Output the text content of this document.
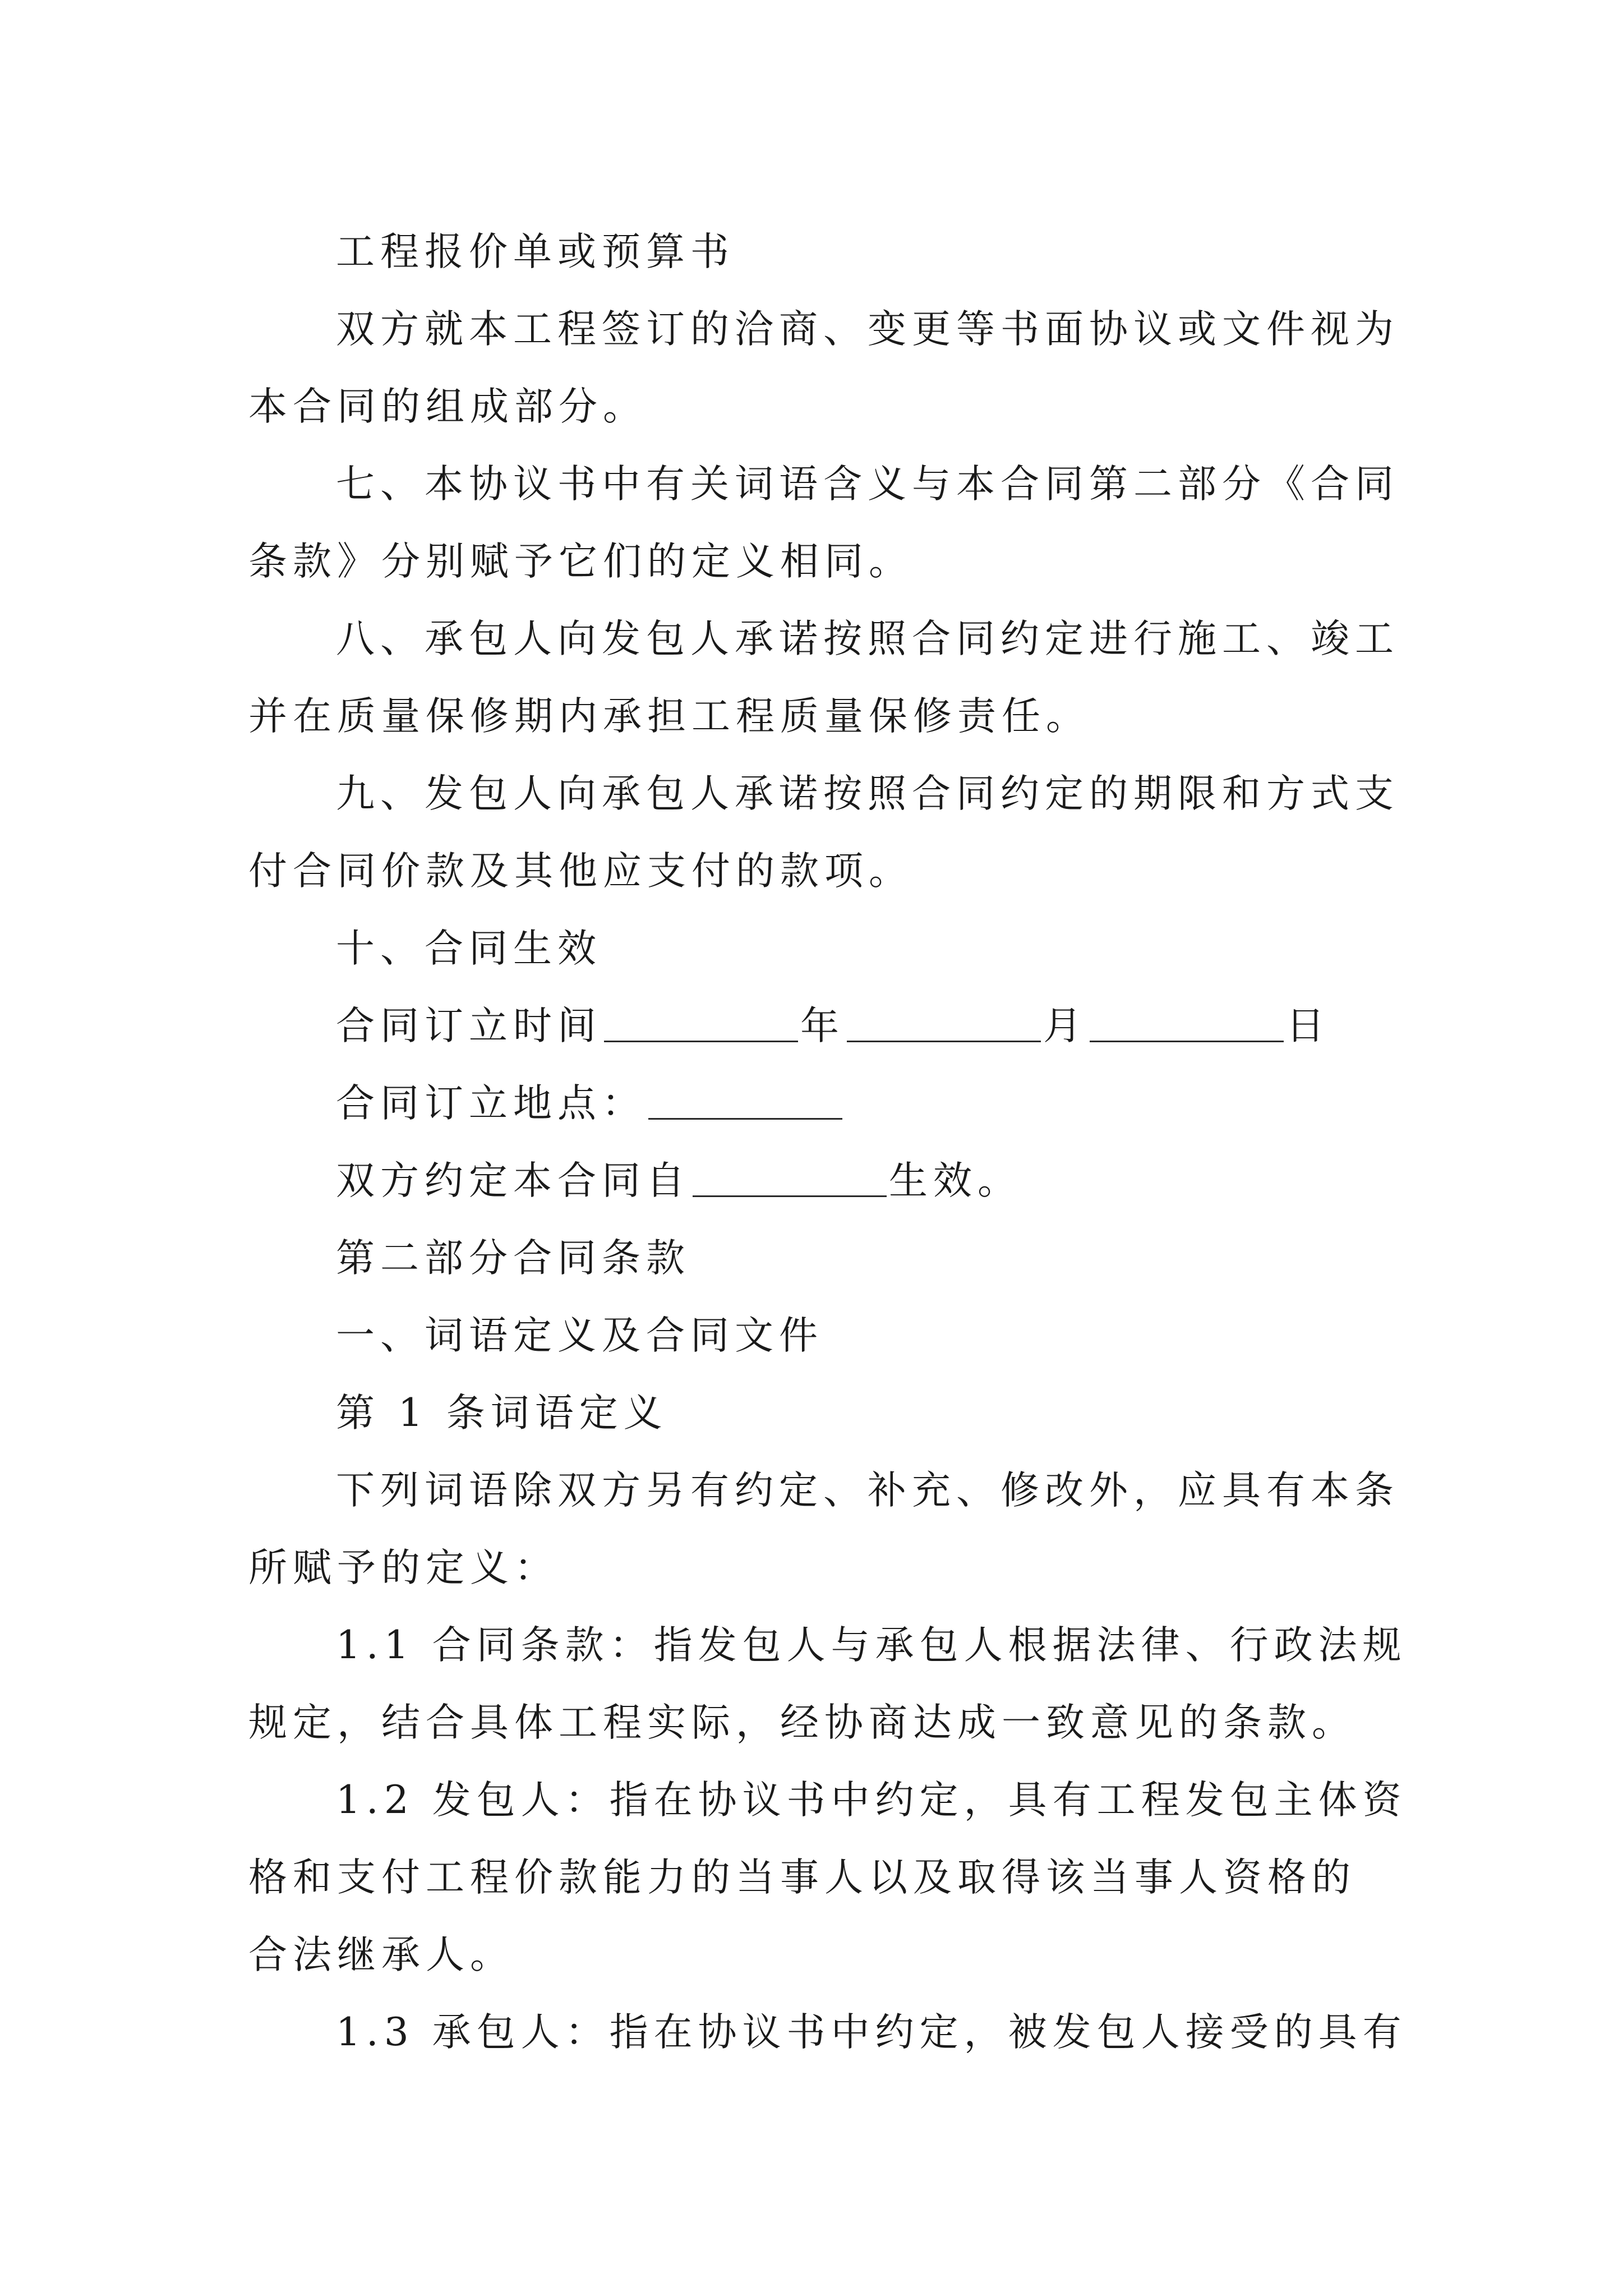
工程报价单或预算书
双方就本工程签订的洽商、变更等书面协议或文件视为
本合同的组成部分。
七、本协议书中有关词语含义与本合同第二部分《合同
条款》分别赋予它们的定义相同。
八、承包人向发包人承诺按照合同约定进行施工、竣工
并在质量保修期内承担工程质量保修责任。
九、发包人向承包人承诺按照合同约定的期限和方式支
付合同价款及其他应支付的款项。
十、合同生效
合同订立时间	年	月	日
合同订立地点：
双方约定本合同自	生效。
第二部分合同条款
一、词语定义及合同文件
第 1 条词语定义
下列词语除双方另有约定、补充、修改外，应具有本条
所赋予的定义：
1.1 合同条款：指发包人与承包人根据法律、行政法规
规定，结合具体工程实际，经协商达成一致意见的条款。
1.2 发包人：指在协议书中约定，具有工程发包主体资
格和支付工程价款能力的当事人以及取得该当事人资格的
合法继承人。
1.3 承包人：指在协议书中约定，被发包人接受的具有
